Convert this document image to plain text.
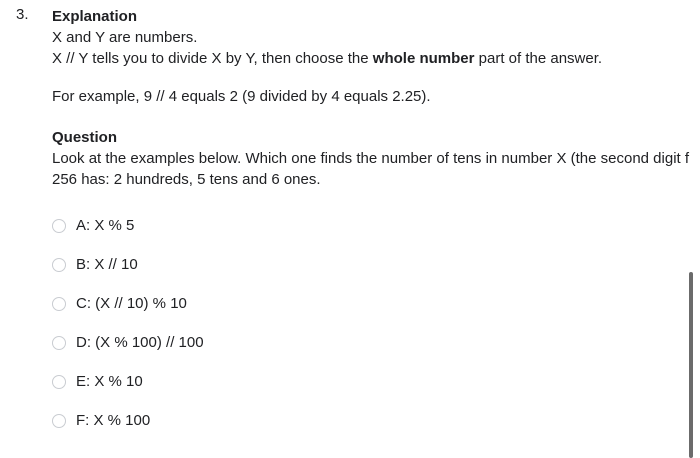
3. Explanation

X and Y are numbers.

X // Y tells you to divide X by Y, then choose the whole number part of the answer.

For example, 9 // 4 equals 2 (9 divided by 4 equals 2.25).

Question

Look at the examples below. Which one finds the number of tens in number X (the second digit f

256 has: 2 hundreds, 5 tens and 6 ones.

A: X % 5
B: X // 10
C: (X // 10) % 10
D: (X % 100) // 100
E: X % 10
F: X % 100
